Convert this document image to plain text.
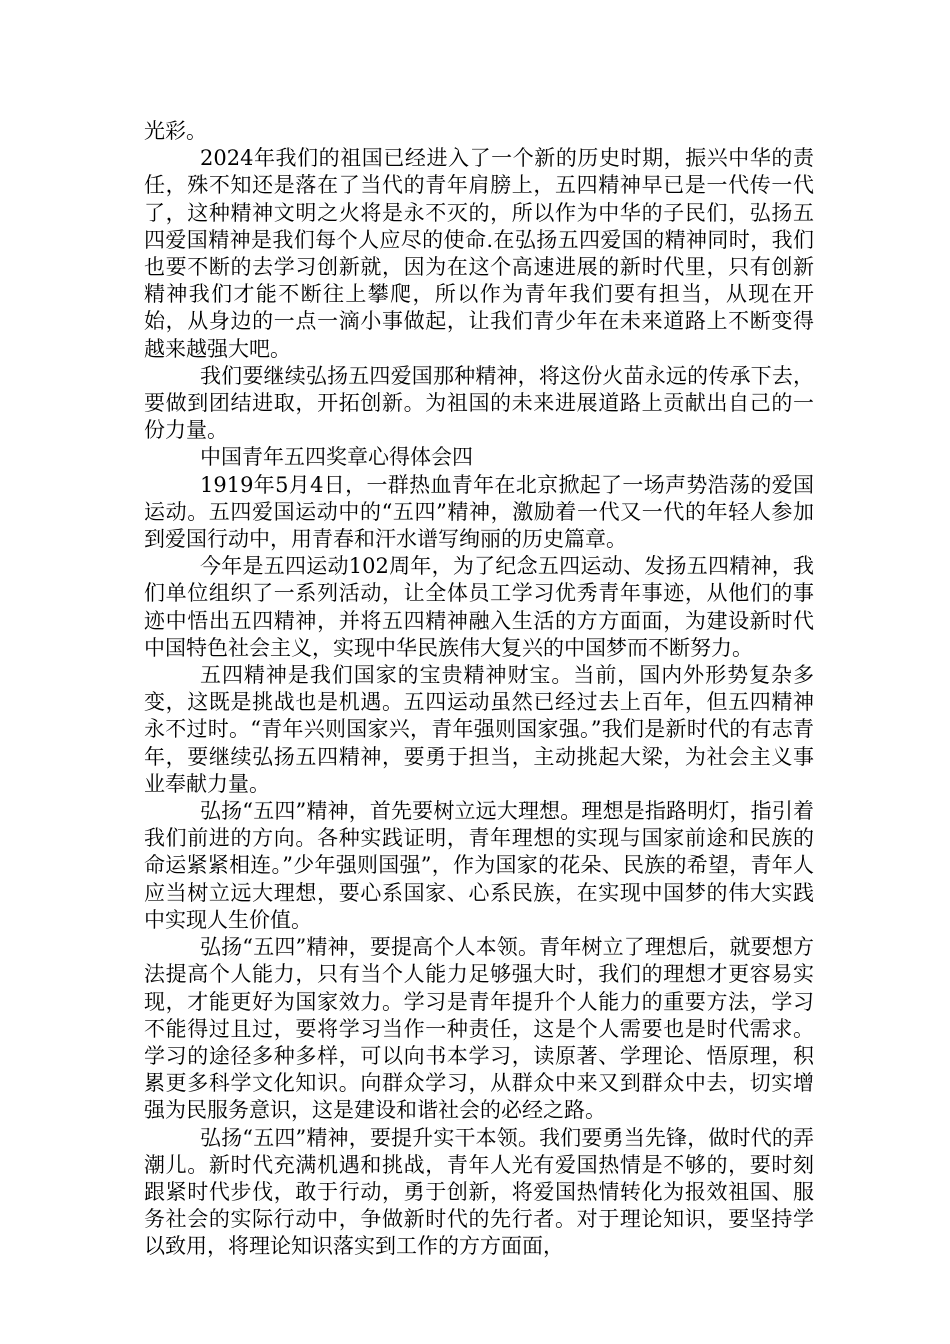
光彩。

2024年我们的祖国已经进入了一个新的历史时期，振兴中华的责任，殊不知还是落在了当代的青年肩膀上，五四精神早已是一代传一代了，这种精神文明之火将是永不灭的，所以作为中华的子民们，弘扬五四爱国精神是我们每个人应尽的使命.在弘扬五四爱国的精神同时，我们也要不断的去学习创新就，因为在这个高速进展的新时代里，只有创新精神我们才能不断往上攀爬，所以作为青年我们要有担当，从现在开始，从身边的一点一滴小事做起，让我们青少年在未来道路上不断变得越来越强大吧。

我们要继续弘扬五四爱国那种精神，将这份火苗永远的传承下去，要做到团结进取，开拓创新。为祖国的未来进展道路上贡献出自己的一份力量。

中国青年五四奖章心得体会四

1919年5月4日，一群热血青年在北京掀起了一场声势浩荡的爱国运动。五四爱国运动中的“五四”精神，激励着一代又一代的年轻人参加到爱国行动中，用青春和汗水谱写绚丽的历史篇章。

今年是五四运动102周年，为了纪念五四运动、发扬五四精神，我们单位组织了一系列活动，让全体员工学习优秀青年事迹，从他们的事迹中悟出五四精神，并将五四精神融入生活的方方面面，为建设新时代中国特色社会主义，实现中华民族伟大复兴的中国梦而不断努力。

五四精神是我们国家的宝贵精神财宝。当前，国内外形势复杂多变，这既是挑战也是机遇。五四运动虽然已经过去上百年，但五四精神永不过时。“青年兴则国家兴，青年强则国家强。”我们是新时代的有志青年，要继续弘扬五四精神，要勇于担当，主动挑起大梁，为社会主义事业奉献力量。

弘扬“五四”精神，首先要树立远大理想。理想是指路明灯，指引着我们前进的方向。各种实践证明，青年理想的实现与国家前途和民族的命运紧紧相连。”少年强则国强”，作为国家的花朵、民族的希望，青年人应当树立远大理想，要心系国家、心系民族，在实现中国梦的伟大实践中实现人生价值。

弘扬“五四”精神，要提高个人本领。青年树立了理想后，就要想方法提高个人能力，只有当个人能力足够强大时，我们的理想才更容易实现，才能更好为国家效力。学习是青年提升个人能力的重要方法，学习不能得过且过，要将学习当作一种责任，这是个人需要也是时代需求。学习的途径多种多样，可以向书本学习，读原著、学理论、悟原理，积累更多科学文化知识。向群众学习，从群众中来又到群众中去，切实增强为民服务意识，这是建设和谐社会的必经之路。

弘扬“五四”精神，要提升实干本领。我们要勇当先锋，做时代的弄潮儿。新时代充满机遇和挑战，青年人光有爱国热情是不够的，要时刻跟紧时代步伐，敢于行动，勇于创新，将爱国热情转化为报效祖国、服务社会的实际行动中，争做新时代的先行者。对于理论知识，要坚持学以致用，将理论知识落实到工作的方方面面，
